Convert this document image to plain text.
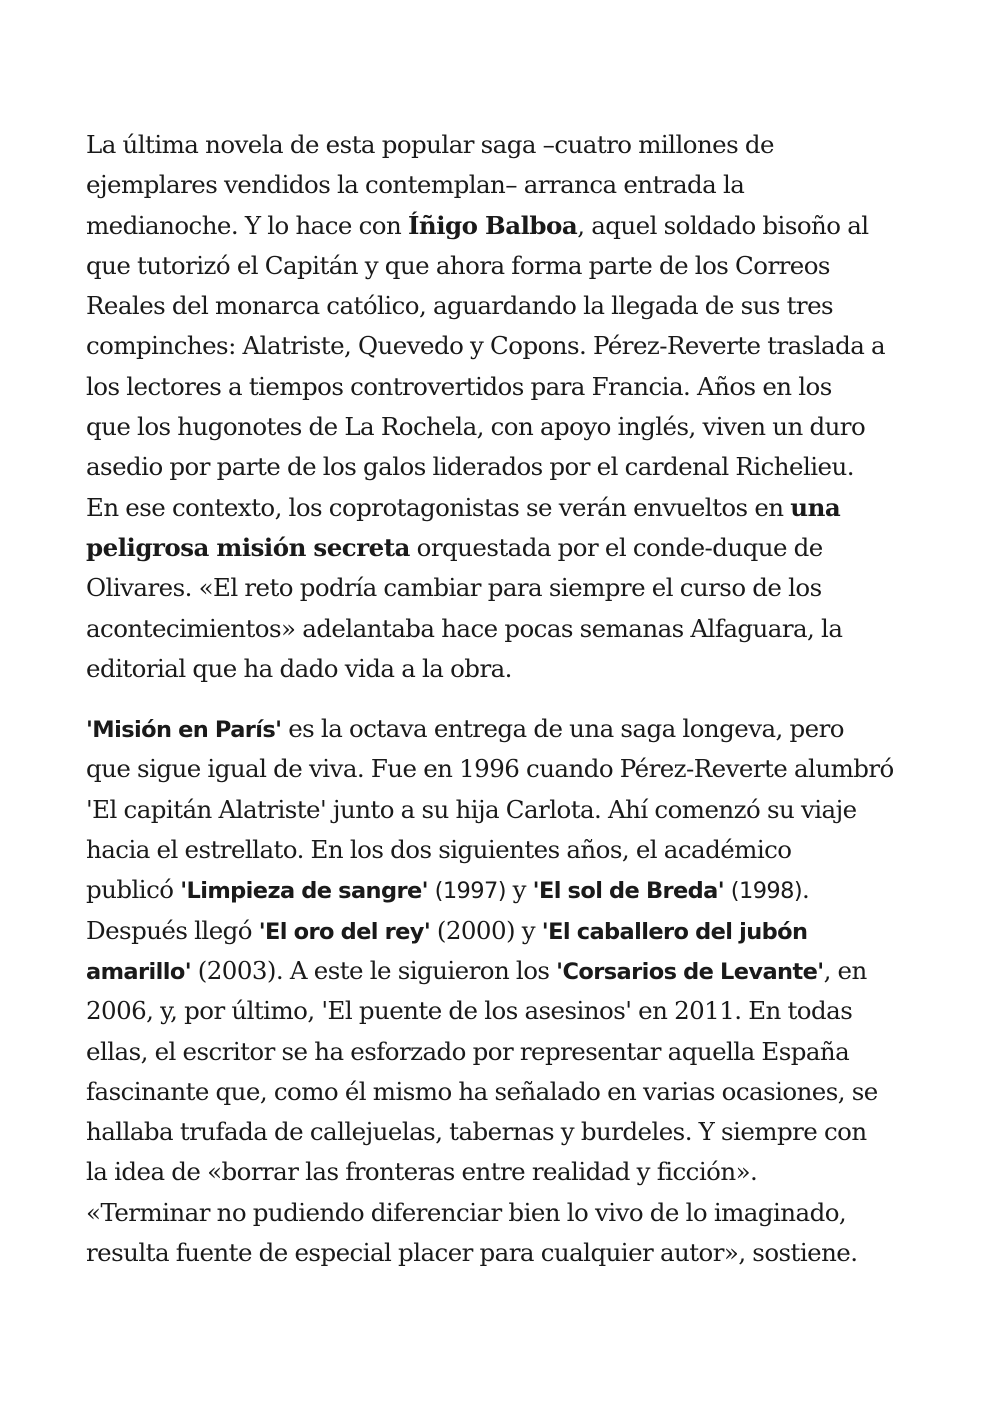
La última novela de esta popular saga –cuatro millones de
ejemplares vendidos la contemplan– arranca entrada la
medianoche. Y lo hace con Íñigo Balboa, aquel soldado bisoño al
que tutorizó el Capitán y que ahora forma parte de los Correos
Reales del monarca católico, aguardando la llegada de sus tres
compinches: Alatriste, Quevedo y Copons. Pérez-Reverte traslada a
los lectores a tiempos controvertidos para Francia. Años en los
que los hugonotes de La Rochela, con apoyo inglés, viven un duro
asedio por parte de los galos liderados por el cardenal Richelieu.
En ese contexto, los coprotagonistas se verán envueltos en una
peligrosa misión secreta orquestada por el conde-duque de
Olivares. «El reto podría cambiar para siempre el curso de los
acontecimientos» adelantaba hace pocas semanas Alfaguara, la
editorial que ha dado vida a la obra.
'Misión en París' es la octava entrega de una saga longeva, pero
que sigue igual de viva. Fue en 1996 cuando Pérez-Reverte alumbró
'El capitán Alatriste' junto a su hija Carlota. Ahí comenzó su viaje
hacia el estrellato. En los dos siguientes años, el académico
publicó 'Limpieza de sangre' (1997) y 'El sol de Breda' (1998).
Después llegó 'El oro del rey' (2000) y 'El caballero del jubón
amarillo' (2003). A este le siguieron los 'Corsarios de Levante', en
2006, y, por último, 'El puente de los asesinos' en 2011. En todas
ellas, el escritor se ha esforzado por representar aquella España
fascinante que, como él mismo ha señalado en varias ocasiones, se
hallaba trufada de callejuelas, tabernas y burdeles. Y siempre con
la idea de «borrar las fronteras entre realidad y ficción».
«Terminar no pudiendo diferenciar bien lo vivo de lo imaginado,
resulta fuente de especial placer para cualquier autor», sostiene.
